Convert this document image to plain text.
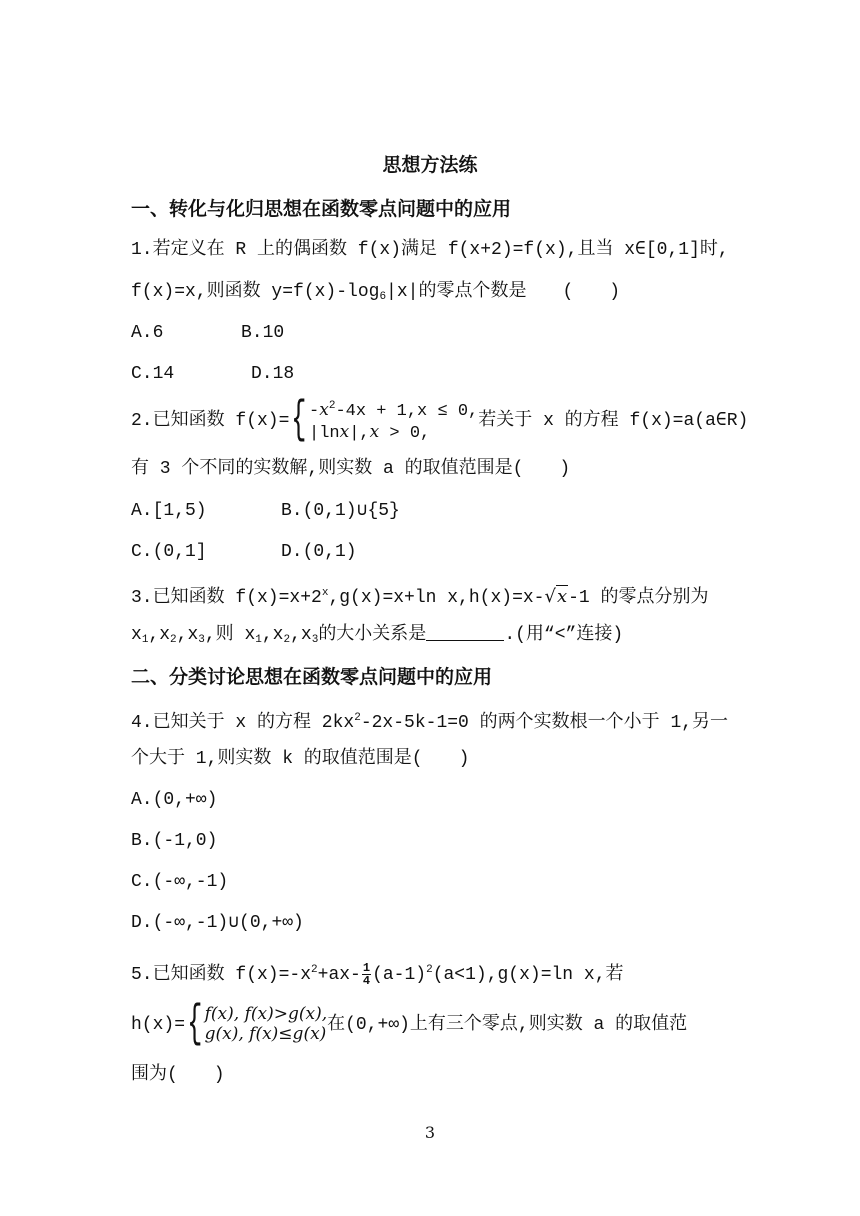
思想方法练
一、转化与化归思想在函数零点问题中的应用
1.若定义在 R 上的偶函数 f(x)满足 f(x+2)=f(x),且当 x∈[0,1]时,
f(x)=x,则函数 $y=f(x)-\log_6|x|$的零点个数是　　(　　)
A.6	B.10
C.14	D.18
2.已知函数 f(x)={ $-x^2-4x + 1,x \le 0$,
|lnx|,x > 0,
若关于 x 的方程 f(x)=a(a∈R)
有 3 个不同的实数解,则实数 a 的取值范围是(　　)
A.[1,5)	B.(0,1)∪{5}
C.(0,1]	D.(0,1)
3.已知函数 $f(x)=x+2^x,g(x)=x+\ln$ x,h(x)=x-√x-1 的零点分别为
$x_1,x_2,x_3$,则 $x_1,x_2,x_3$的大小关系是	.(用“<”连接)
二、分类讨论思想在函数零点问题中的应用
4.已知关于 x 的方程 $2kx^2-2x-5k-1=0$ 的两个实数根一个小于 1,另一
个大于 1,则实数 k 的取值范围是(　　)
A.(0,+∞)
B.(-1,0)
C.(-∞,-1)
D.(-∞,-1)∪(0,+∞)
5.已知函数 $f(x)=-x^2+ax- \frac{1}{4} (a-1)^2(a<1),g(x)=\ln$ x,若
h(x)={ f(x), f(x)>g(x),
g(x), f(x)≤g(x) 在(0,+∞)上有三个零点,则实数 a 的取值范
围为(　　)
3
